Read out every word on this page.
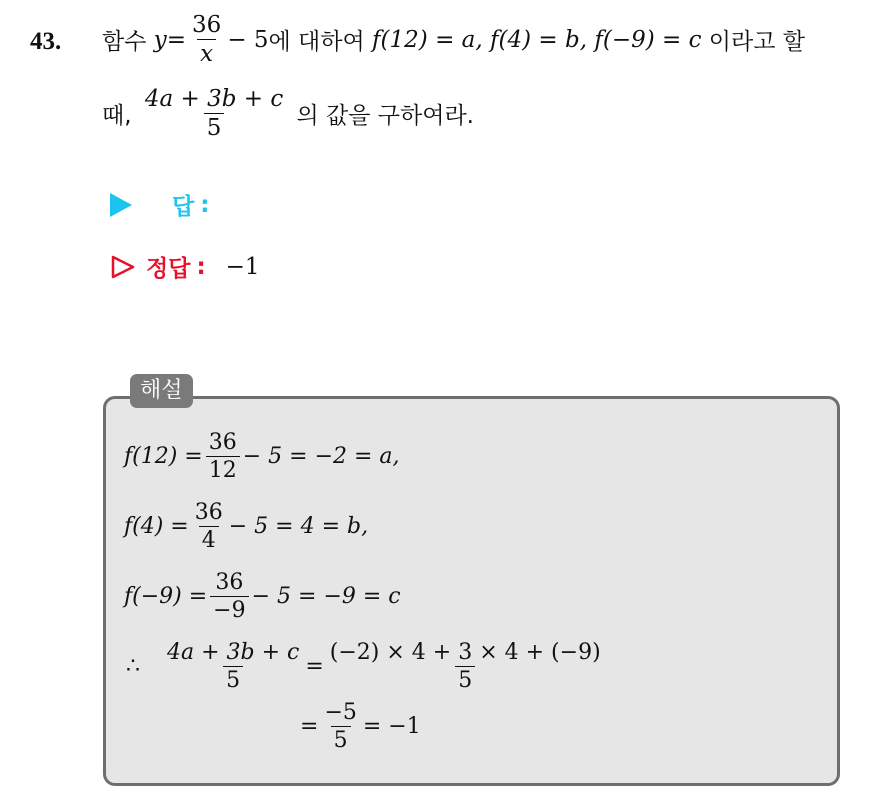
43. 함수
$y = \frac{36}{x} - 5$ 에 대하여
f(12) = a,
f(4) = b,
f(−9) = c
이라고 할
때,
$\frac{4a + 3b + c}{5}$
의 값을 구하여라.
답 :
정답 : −1
해설
$f(12) = \frac{36}{12} - 5 = -2 = a$,
$f(4) = \frac{36}{4} - 5 = 4 = b$,
$f(-9) = \frac{36}{-9} - 5 = -9 = c$
∴
$\frac{4a + 3b + c}{5} = \frac{(-2) \times 4 + 3 \times 4 + (-9)}{5}$
= $\frac{-5}{5} = -1$
